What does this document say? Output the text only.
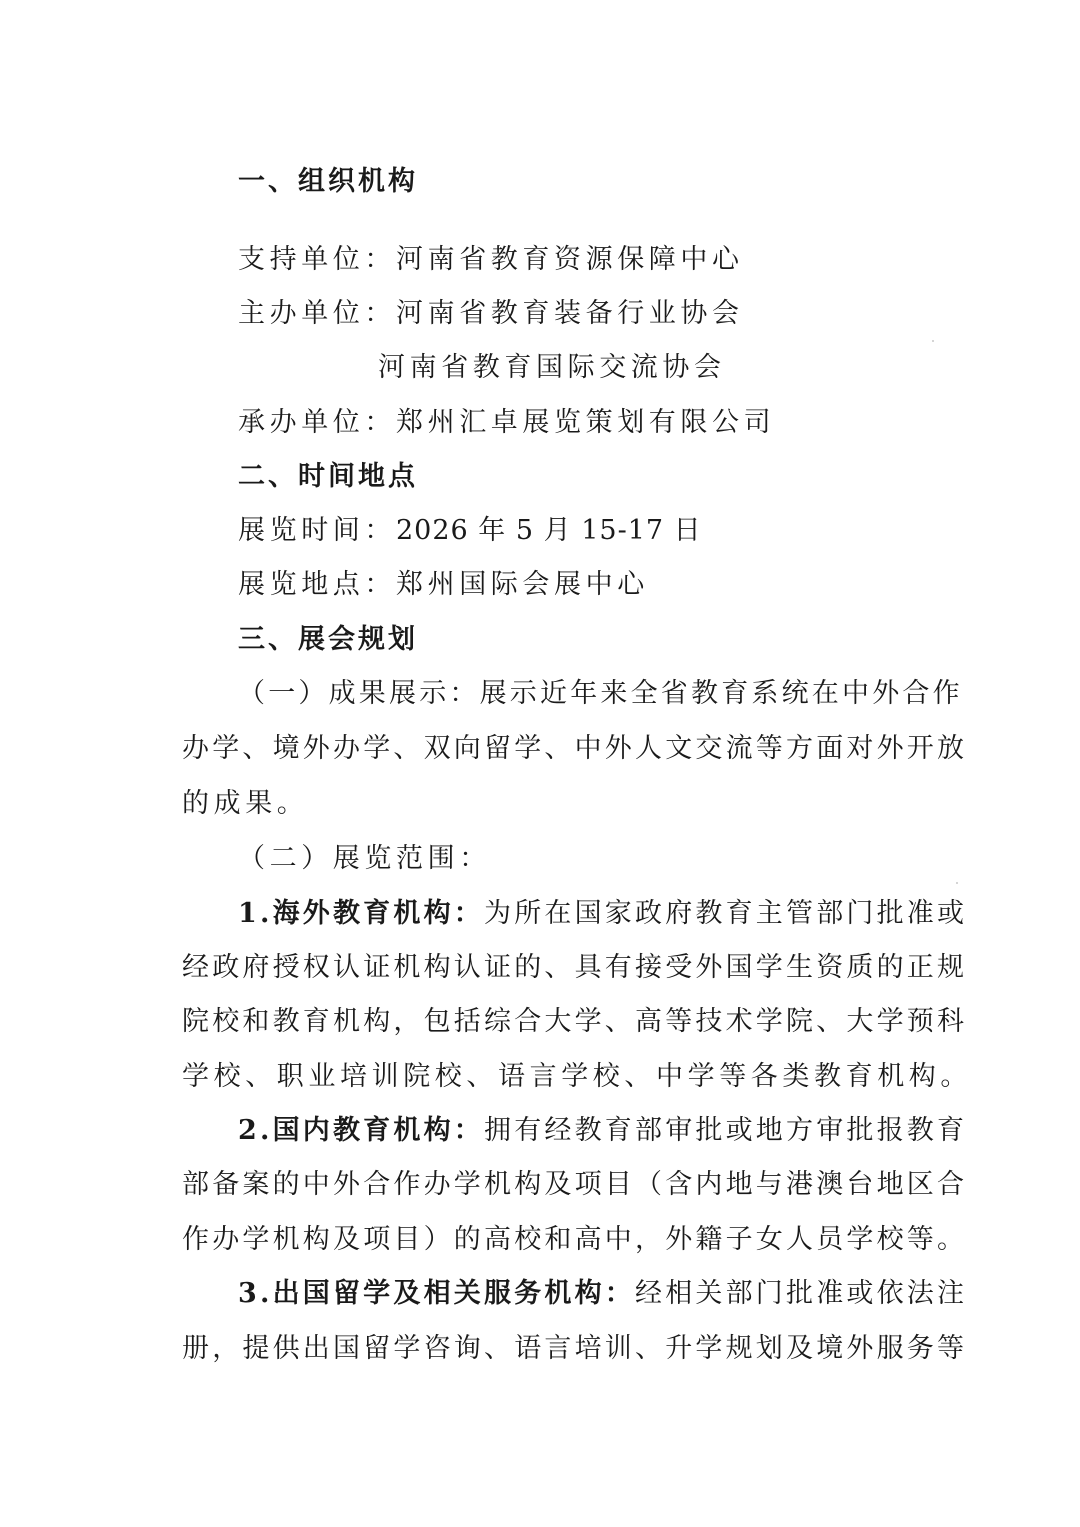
一、组织机构
支持单位：河南省教育资源保障中心
主办单位：河南省教育装备行业协会
河南省教育国际交流协会
承办单位：郑州汇卓展览策划有限公司
二、时间地点
展览时间：2026 年 5 月 15-17 日
展览地点：郑州国际会展中心
三、展会规划
（一）成果展示：展示近年来全省教育系统在中外合作
办学、境外办学、双向留学、中外人文交流等方面对外开放
的成果。
（二）展览范围：
1.海外教育机构：为所在国家政府教育主管部门批准或
经政府授权认证机构认证的、具有接受外国学生资质的正规
院校和教育机构，包括综合大学、高等技术学院、大学预科
学校、职业培训院校、语言学校、中学等各类教育机构。
2.国内教育机构：拥有经教育部审批或地方审批报教育
部备案的中外合作办学机构及项目（含内地与港澳台地区合
作办学机构及项目）的高校和高中，外籍子女人员学校等。
3.出国留学及相关服务机构：经相关部门批准或依法注
册，提供出国留学咨询、语言培训、升学规划及境外服务等
